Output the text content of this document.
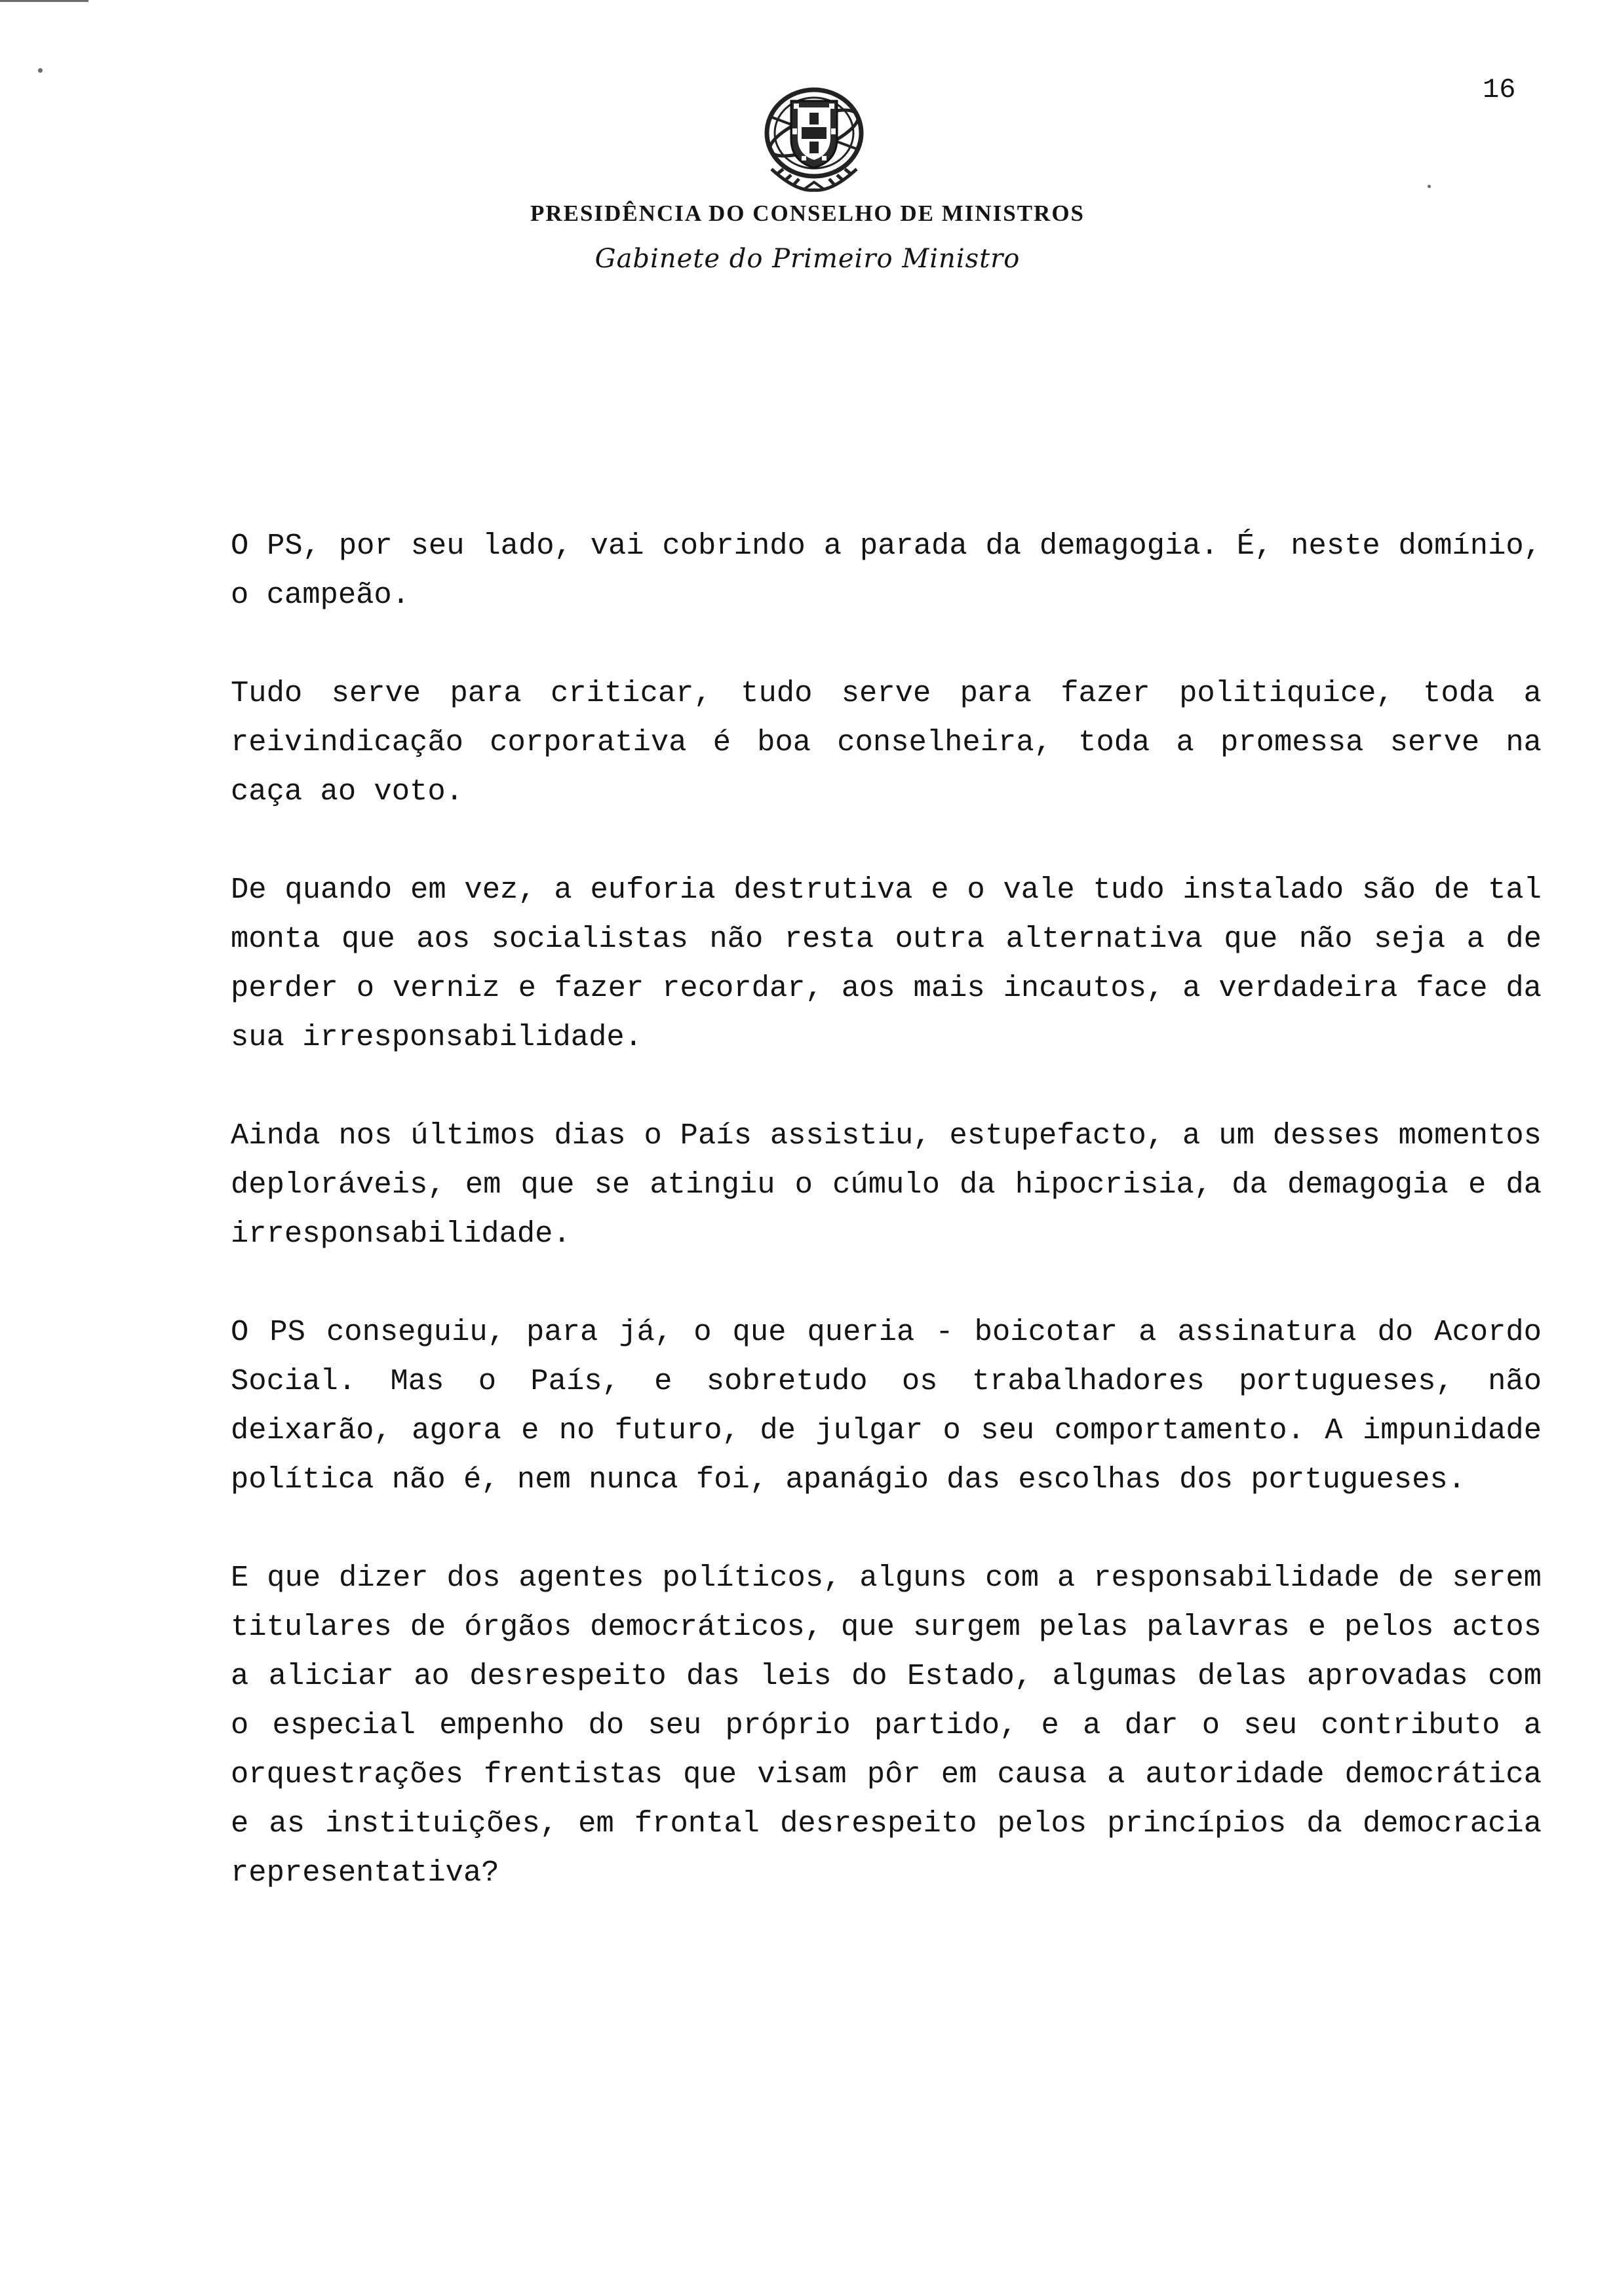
16
PRESIDÊNCIA DO CONSELHO DE MINISTROS
Gabinete do Primeiro Ministro

O PS, por seu lado, vai cobrindo a parada da demagogia. É, neste domínio, o campeão.

Tudo serve para criticar, tudo serve para fazer politiquice, toda a reivindicação corporativa é boa conselheira, toda a promessa serve na caça ao voto.

De quando em vez, a euforia destrutiva e o vale tudo instalado são de tal monta que aos socialistas não resta outra alternativa que não seja a de perder o verniz e fazer recordar, aos mais incautos, a verdadeira face da sua irresponsabilidade.

Ainda nos últimos dias o País assistiu, estupefacto, a um desses momentos deploráveis, em que se atingiu o cúmulo da hipocrisia, da demagogia e da irresponsabilidade.

O PS conseguiu, para já, o que queria - boicotar a assinatura do Acordo Social. Mas o País, e sobretudo os trabalhadores portugueses, não deixarão, agora e no futuro, de julgar o seu comportamento. A impunidade política não é, nem nunca foi, apanágio das escolhas dos portugueses.

E que dizer dos agentes políticos, alguns com a responsabilidade de serem titulares de órgãos democráticos, que surgem pelas palavras e pelos actos a aliciar ao desrespeito das leis do Estado, algumas delas aprovadas com o especial empenho do seu próprio partido, e a dar o seu contributo a orquestrações frentistas que visam pôr em causa a autoridade democrática e as instituições, em frontal desrespeito pelos princípios da democracia representativa?
